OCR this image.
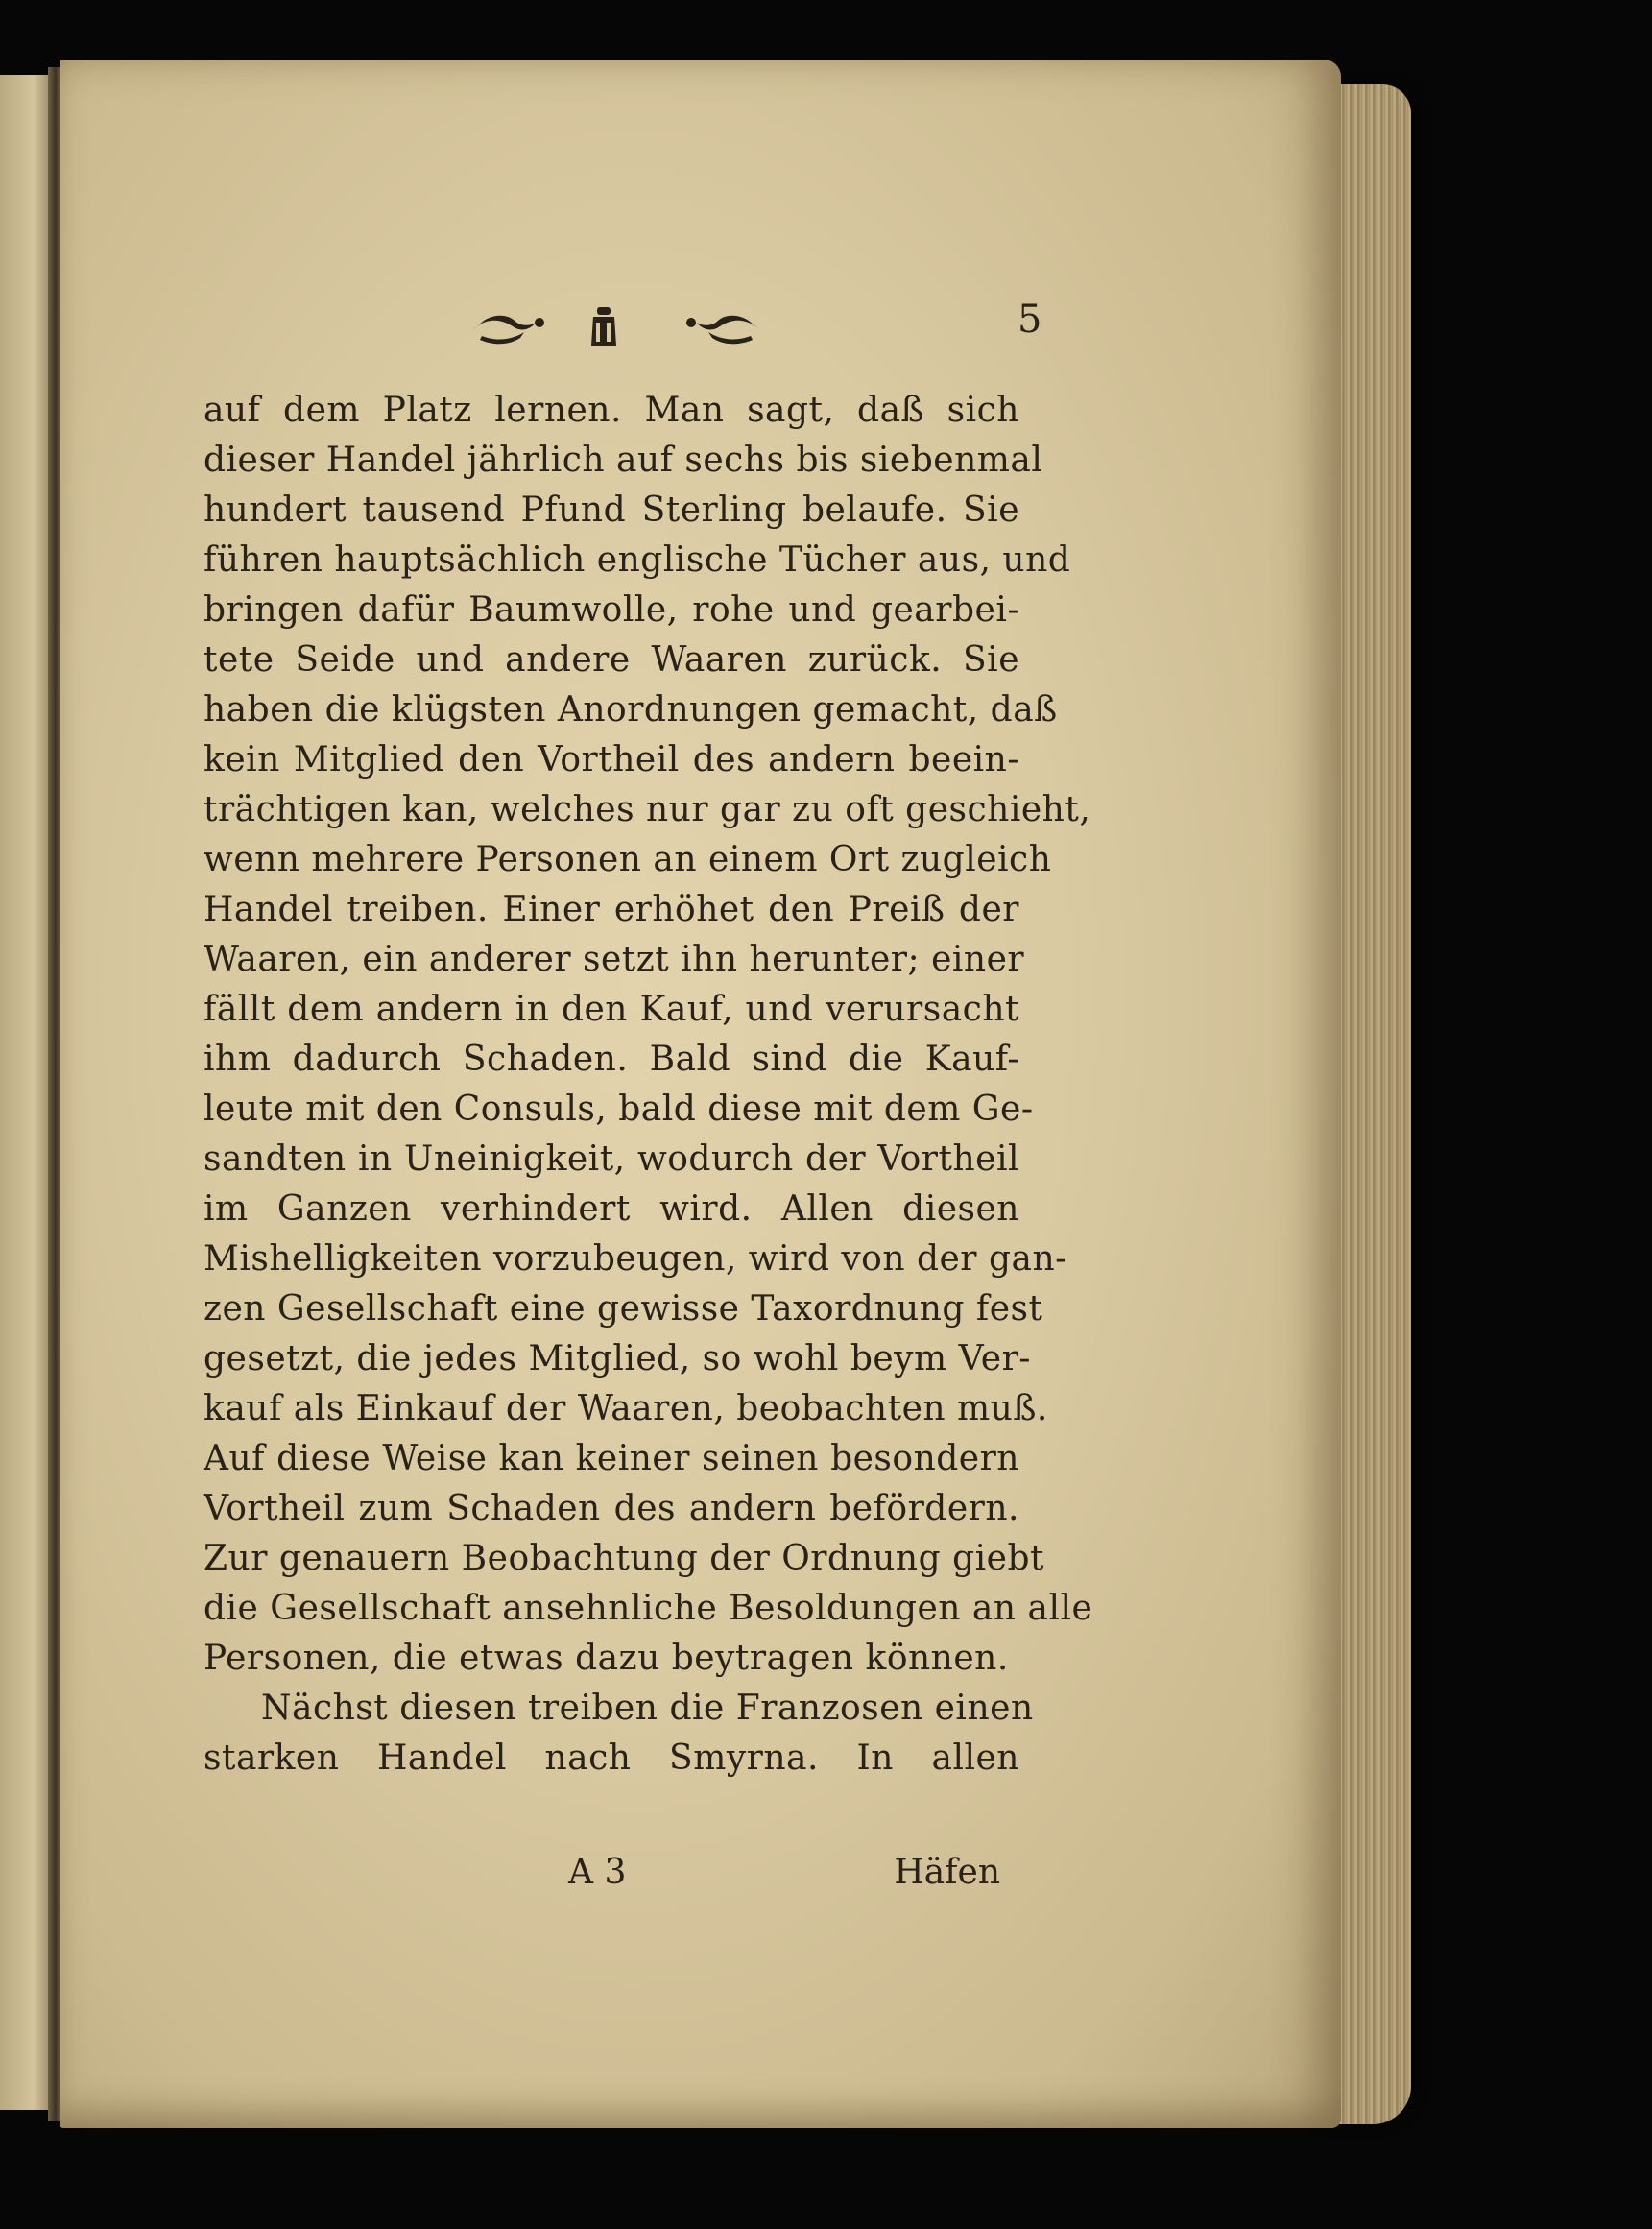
5
auf dem Platz lernen. Man sagt, daß sich
dieser Handel jährlich auf sechs bis siebenmal
hundert tausend Pfund Sterling belaufe. Sie
führen hauptsächlich englische Tücher aus, und
bringen dafür Baumwolle, rohe und gearbei-
tete Seide und andere Waaren zurück. Sie
haben die klügsten Anordnungen gemacht, daß
kein Mitglied den Vortheil des andern beein-
trächtigen kan, welches nur gar zu oft geschieht,
wenn mehrere Personen an einem Ort zugleich
Handel treiben. Einer erhöhet den Preiß der
Waaren, ein anderer setzt ihn herunter; einer
fällt dem andern in den Kauf, und verursacht
ihm dadurch Schaden. Bald sind die Kauf-
leute mit den Consuls, bald diese mit dem Ge-
sandten in Uneinigkeit, wodurch der Vortheil
im Ganzen verhindert wird. Allen diesen
Mishelligkeiten vorzubeugen, wird von der gan-
zen Gesellschaft eine gewisse Taxordnung fest
gesetzt, die jedes Mitglied, so wohl beym Ver-
kauf als Einkauf der Waaren, beobachten muß.
Auf diese Weise kan keiner seinen besondern
Vortheil zum Schaden des andern befördern.
Zur genauern Beobachtung der Ordnung giebt
die Gesellschaft ansehnliche Besoldungen an alle
Personen, die etwas dazu beytragen können.
Nächst diesen treiben die Franzosen einen
starken Handel nach Smyrna. In allen
A 3	Häfen
